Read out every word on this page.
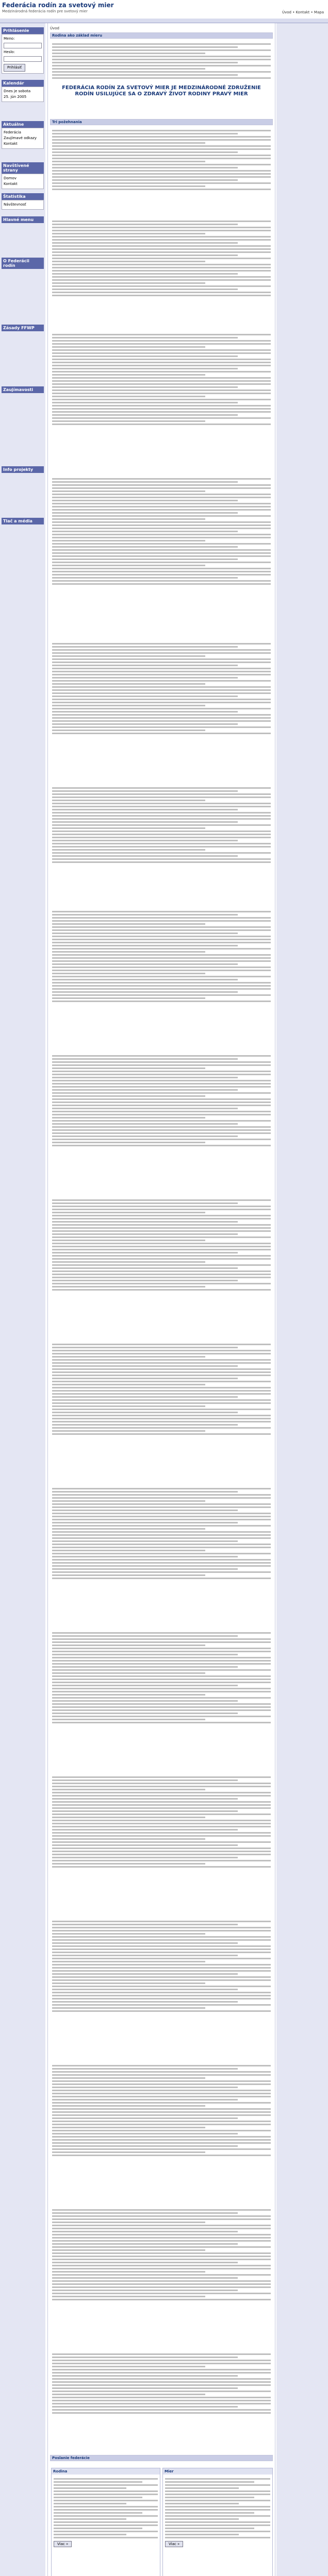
Federácia rodín za svetový mier
Medzinárodná federácia rodín pre svetový mier	Úvod • Kontakt • Mapa
Prihlásenie
Meno:
Heslo:
Prihlásiť
Kalendár
Dnes je sobota
25. jún 2005
Aktuálne
Federácia
Zaujímavé odkazy
Kontakt
Navštívené strany
Domov
Kontakt
Štatistika
Návštevnosť
Hlavné menu
O Federácii rodín
Zásady FFWP
Zaujímavosti
Info projekty
Tlač a média
Úvod
Rodina ako základ mieru
FEDERÁCIA RODÍN ZA SVETOVÝ MIER JE MEDZINÁRODNÉ ZDRUŽENIE RODÍN USILUJÚCE SA O ZDRAVÝ ŽIVOT RODINY PRAVÝ MIER
Tri požehnania
Poslanie federácie
Rodina
Viac »
Mier
Viac »
